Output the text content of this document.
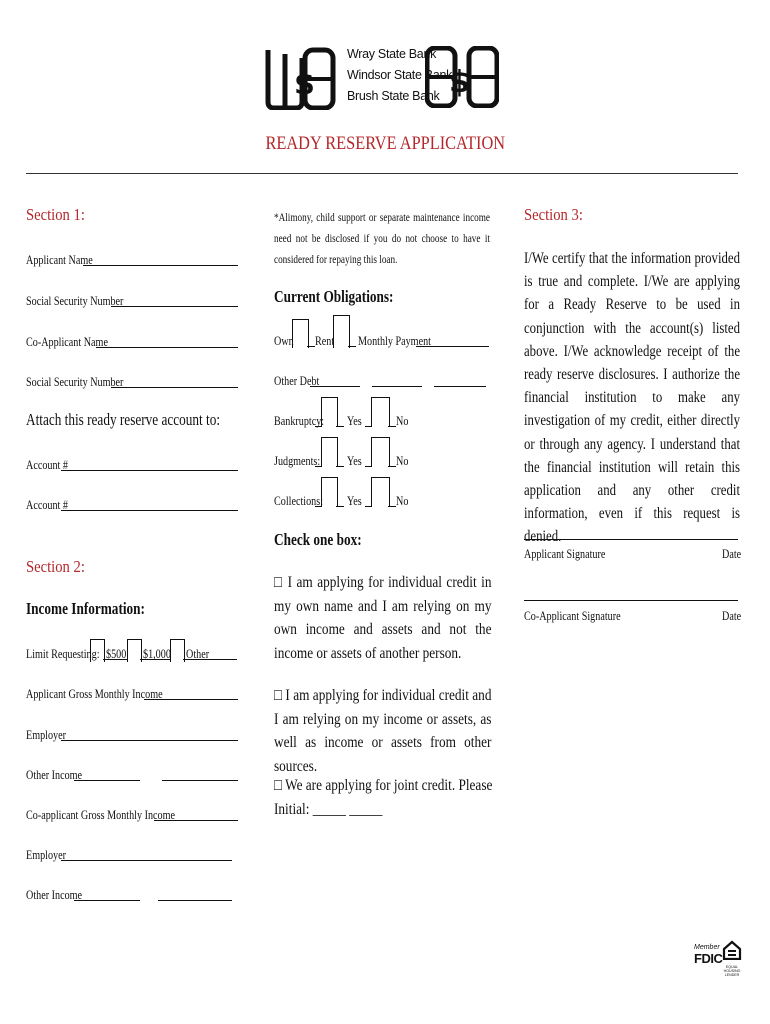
$	$
Wray State Bank
Windsor State Bank
Brush State Bank
READY RESERVE APPLICATION
Section 1:
Applicant Name
Social Security Number
Co-Applicant Name
Social Security Number
Attach this ready reserve account to:
Account #
Account #
Section 2:
Income Information:
Limit Requesting: $500	$1,000	Other
Applicant Gross Monthly Income
Employer
Other Income
Co-applicant Gross Monthly Income
Employer
Other Income
*Alimony, child support or separate maintenance income need not be disclosed if you do not choose to have it considered for repaying this loan.
Current Obligations:
Own	Rent	Monthly Payment
Other Debt
Bankruptcy:	Yes	No
Judgments:	Yes	No
Collections:	Yes	No
Check one box:
□ I am applying for individual credit in my own name and I am relying on my own income and assets and not the income or assets of another person.
□ I am applying for individual credit and I am relying on my income or assets, as well as income or assets from other sources.
□ We are applying for joint credit. Please
Initial: _____ _____
Section 3:
I/We certify that the information provided is true and complete. I/We are applying for a Ready Reserve to be used in conjunction with the account(s) listed above. I/We acknowledge receipt of the ready reserve disclosures. I authorize the financial institution to make any investigation of my credit, either directly or through any agency. I understand that the financial institution will retain this application and any other credit information, even if this request is denied.
Applicant Signature	Date
Co-Applicant Signature	Date
Member
FDIC
EQUAL HOUSING LENDER
